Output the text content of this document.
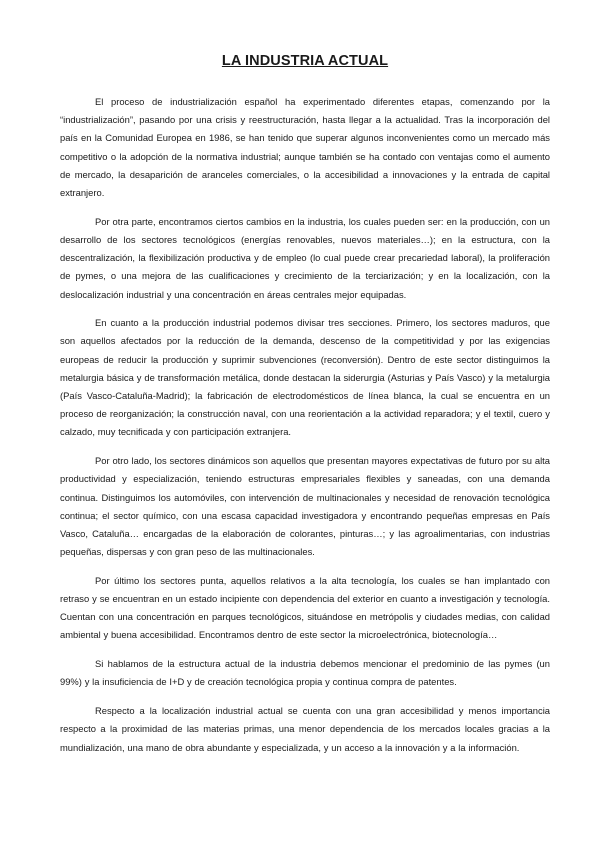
LA INDUSTRIA ACTUAL

El proceso de industrialización español ha experimentado diferentes etapas, comenzando por la “industrialización”, pasando por una crisis y reestructuración, hasta llegar a la actualidad. Tras la incorporación del país en la Comunidad Europea en 1986, se han tenido que superar algunos inconvenientes como un mercado más competitivo o la adopción de la normativa industrial; aunque también se ha contado con ventajas como el aumento de mercado, la desaparición de aranceles comerciales, o la accesibilidad a innovaciones y la entrada de capital extranjero.

Por otra parte, encontramos ciertos cambios en la industria, los cuales pueden ser: en la producción, con un desarrollo de los sectores tecnológicos (energías renovables, nuevos materiales…); en la estructura, con la descentralización, la flexibilización productiva y de empleo (lo cual puede crear precariedad laboral), la proliferación de pymes, o una mejora de las cualificaciones y crecimiento de la terciarización; y en la localización, con la deslocalización industrial y una concentración en áreas centrales mejor equipadas.

En cuanto a la producción industrial podemos divisar tres secciones. Primero, los sectores maduros, que son aquellos afectados por la reducción de la demanda, descenso de la competitividad y por las exigencias europeas de reducir la producción y suprimir subvenciones (reconversión). Dentro de este sector distinguimos la metalurgia básica y de transformación metálica, donde destacan la siderurgia (Asturias y País Vasco) y la metalurgia (País Vasco-Cataluña-Madrid); la fabricación de electrodomésticos de línea blanca, la cual se encuentra en un proceso de reorganización; la construcción naval, con una reorientación a la actividad reparadora; y el textil, cuero y calzado, muy tecnificada y con participación extranjera.

Por otro lado, los sectores dinámicos son aquellos que presentan mayores expectativas de futuro por su alta productividad y especialización, teniendo estructuras empresariales flexibles y saneadas, con una demanda continua. Distinguimos los automóviles, con intervención de multinacionales y necesidad de renovación tecnológica continua; el sector químico, con una escasa capacidad investigadora y encontrando pequeñas empresas en País Vasco, Cataluña… encargadas de la elaboración de colorantes, pinturas…; y las agroalimentarias, con industrias pequeñas, dispersas y con gran peso de las multinacionales.

Por último los sectores punta, aquellos relativos a la alta tecnología, los cuales se han implantado con retraso y se encuentran en un estado incipiente con dependencia del exterior en cuanto a investigación y tecnología. Cuentan con una concentración en parques tecnológicos, situándose en metrópolis y ciudades medias, con calidad ambiental y buena accesibilidad. Encontramos dentro de este sector la microelectrónica, biotecnología…

Si hablamos de la estructura actual de la industria debemos mencionar el predominio de las pymes (un 99%) y la insuficiencia de I+D y de creación tecnológica propia y continua compra de patentes.

Respecto a la localización industrial actual se cuenta con una gran accesibilidad y menos importancia respecto a la proximidad de las materias primas, una menor dependencia de los mercados locales gracias a la mundialización, una mano de obra abundante y especializada, y un acceso a la innovación y a la información.
